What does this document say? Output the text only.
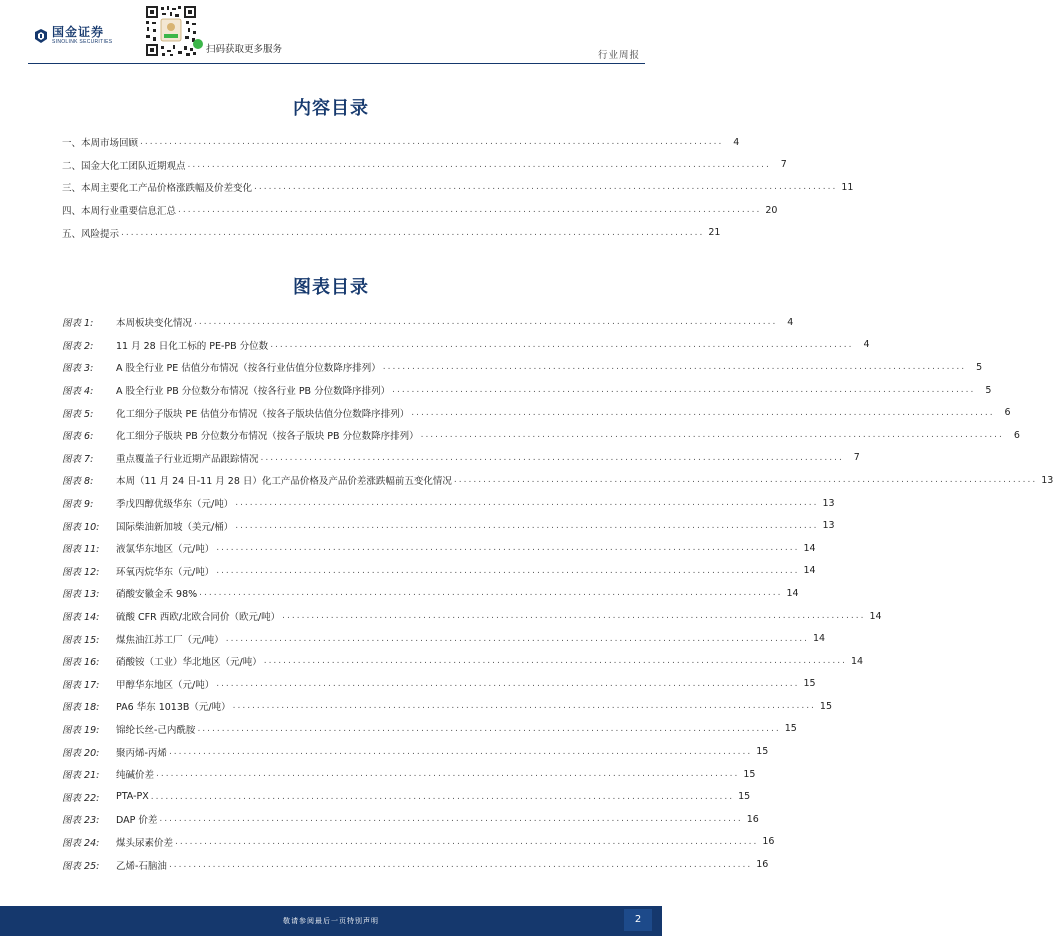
国金证券
SINOLINK SECURITIES
扫码获取更多服务
行业周报
内容目录
一、本周市场回顾 ........................................................................................................................	4
二、国金大化工团队近期观点 ........................................................................................................................	7
三、本周主要化工产品价格涨跌幅及价差变化 ........................................................................................................................ 11
四、本周行业重要信息汇总 ........................................................................................................................ 20
五、风险提示 ........................................................................................................................ 21
图表目录
图表 1:	本周板块变化情况 ........................................................................................................................	4
图表 2:	11 月 28 日化工标的 PE-PB 分位数 ........................................................................................................................	4
图表 3:	A 股全行业 PE 估值分布情况（按各行业估值分位数降序排列） ........................................................................................................................	5
图表 4:	A 股全行业 PB 分位数分布情况（按各行业 PB 分位数降序排列） ........................................................................................................................	5
图表 5:	化工细分子版块 PE 估值分布情况（按各子版块估值分位数降序排列） ........................................................................................................................	6
图表 6:	化工细分子版块 PB 分位数分布情况（按各子版块 PB 分位数降序排列） ........................................................................................................................	6
图表 7:	重点覆盖子行业近期产品跟踪情况 ........................................................................................................................	7
图表 8:	本周（11 月 24 日-11 月 28 日）化工产品价格及产品价差涨跌幅前五变化情况 ........................................................................................................................ 13
图表 9:	季戊四醇优级华东（元/吨） ........................................................................................................................ 13
图表 10:	国际柴油新加坡（美元/桶） ........................................................................................................................ 13
图表 11:	液氯华东地区（元/吨） ........................................................................................................................ 14
图表 12:	环氧丙烷华东（元/吨） ........................................................................................................................ 14
图表 13:	硝酸安徽金禾 98% ........................................................................................................................ 14
图表 14:	硫酸 CFR 西欧/北欧合同价（欧元/吨） ........................................................................................................................ 14
图表 15:	煤焦油江苏工厂（元/吨） ........................................................................................................................ 14
图表 16:	硝酸铵（工业）华北地区（元/吨） ........................................................................................................................ 14
图表 17:	甲醇华东地区（元/吨） ........................................................................................................................ 15
图表 18:	PA6 华东 1013B（元/吨） ........................................................................................................................ 15
图表 19:	锦纶长丝-己内酰胺 ........................................................................................................................ 15
图表 20:	聚丙烯-丙烯 ........................................................................................................................ 15
图表 21:	纯碱价差 ........................................................................................................................ 15
图表 22:	PTA-PX ........................................................................................................................ 15
图表 23:	DAP 价差 ........................................................................................................................ 16
图表 24:	煤头尿素价差 ........................................................................................................................ 16
图表 25:	乙烯-石脑油 ........................................................................................................................ 16
敬请参阅最后一页特别声明	2
